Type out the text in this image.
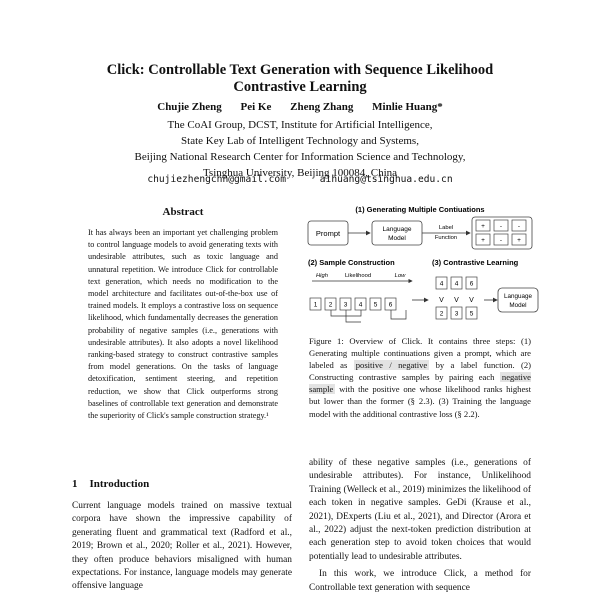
Click: Controllable Text Generation with Sequence Likelihood
Contrastive Learning
Chujie Zheng Pei Ke Zheng Zhang Minlie Huang*
The CoAI Group, DCST, Institute for Artificial Intelligence,
State Key Lab of Intelligent Technology and Systems,
Beijing National Research Center for Information Science and Technology,
Tsinghua University, Beijing 100084, China
chujiezhengchn@gmail.com	aihuang@tsinghua.edu.cn
Abstract
It has always been an important yet challenging problem to control language models to avoid generating texts with undesirable attributes, such as toxic language and unnatural repetition. We introduce Click for controllable text generation, which needs no modification to the model architecture and facilitates out-of-the-box use of trained models. It employs a contrastive loss on sequence likelihood, which fundamentally decreases the generation probability of negative samples (i.e., generations with undesirable attributes). It also adopts a novel likelihood ranking-based strategy to construct contrastive samples from model generations. On the tasks of language detoxification, sentiment steering, and repetition reduction, we show that Click outperforms strong baselines of controllable text generation and demonstrate the superiority of Click's sample construction strategy.¹
1 Introduction
Current language models trained on massive textual corpora have shown the impressive capability of generating fluent and grammatical text (Radford et al., 2019; Brown et al., 2020; Roller et al., 2021). However, they often produce behaviors misaligned with human expectations. For instance, language models may generate offensive language
(1) Generating Multiple Contiuations
Prompt	Language
Model
Label
Function
+ - -
+ - +
(2) Sample Construction	(3) Contrastive Learning
High	Likelihood	Low
1 2 3 4 5 6
4 4 6
V V V
2 3 5
Language
Model
Figure 1: Overview of Click. It contains three steps: (1) Generating multiple continuations given a prompt, which are labeled as positive / negative by a label function. (2) Constructing contrastive samples by pairing each negative sample with the positive one whose likelihood ranks highest but lower than the former (§ 2.3). (3) Training the language model with the additional contrastive loss (§ 2.2).

ability of these negative samples (i.e., generations of undesirable attributes). For instance, Unlikelihood Training (Welleck et al., 2019) minimizes the likelihood of each token in negative samples. GeDi (Krause et al., 2021), DExperts (Liu et al., 2021), and Director (Arora et al., 2022) adjust the next-token prediction distribution at each generation step to avoid token choices that would potentially lead to undesirable attributes.

In this work, we introduce Click, a method for Controllable text generation with sequence
